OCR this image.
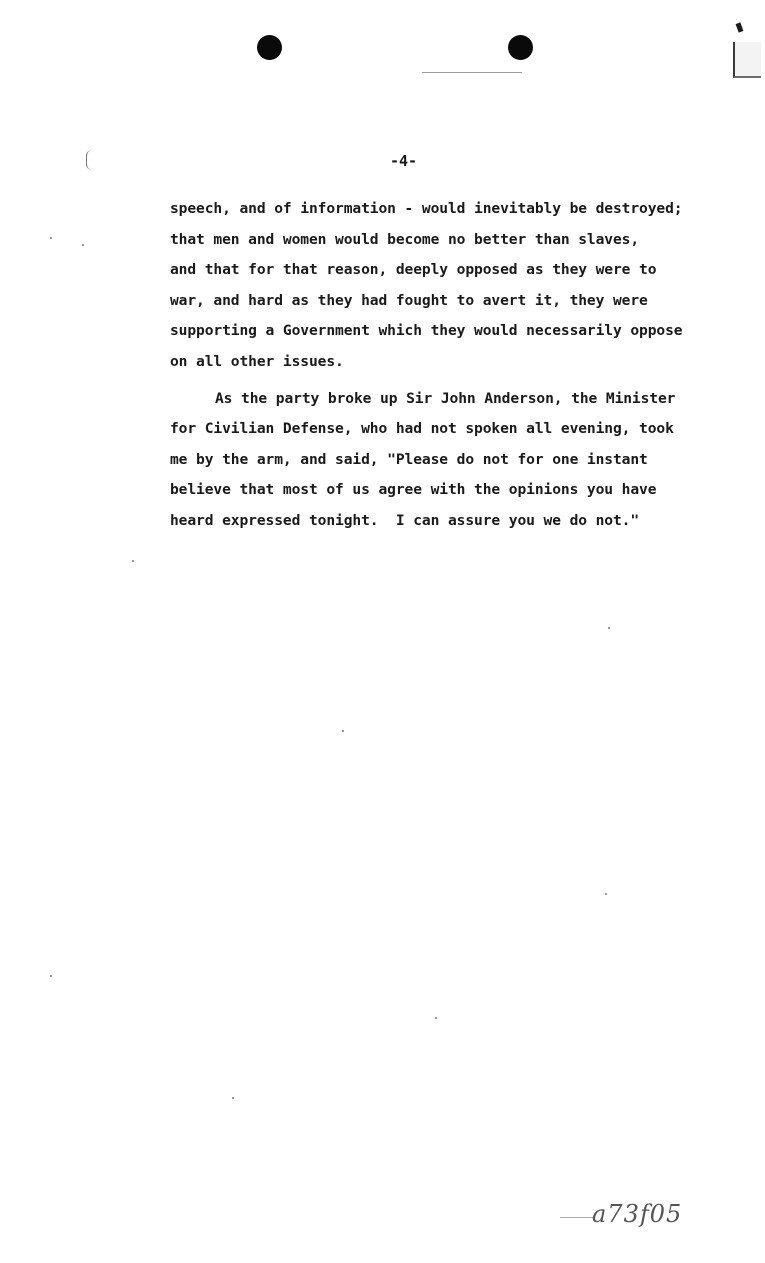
-4-
speech, and of information - would inevitably be destroyed;
that men and women would become no better than slaves,
and that for that reason, deeply opposed as they were to
war, and hard as they had fought to avert it, they were
supporting a Government which they would necessarily oppose
on all other issues.
As the party broke up Sir John Anderson, the Minister
for Civilian Defense, who had not spoken all evening, took
me by the arm, and said, "Please do not for one instant
believe that most of us agree with the opinions you have
heard expressed tonight.  I can assure you we do not."
a73f05
